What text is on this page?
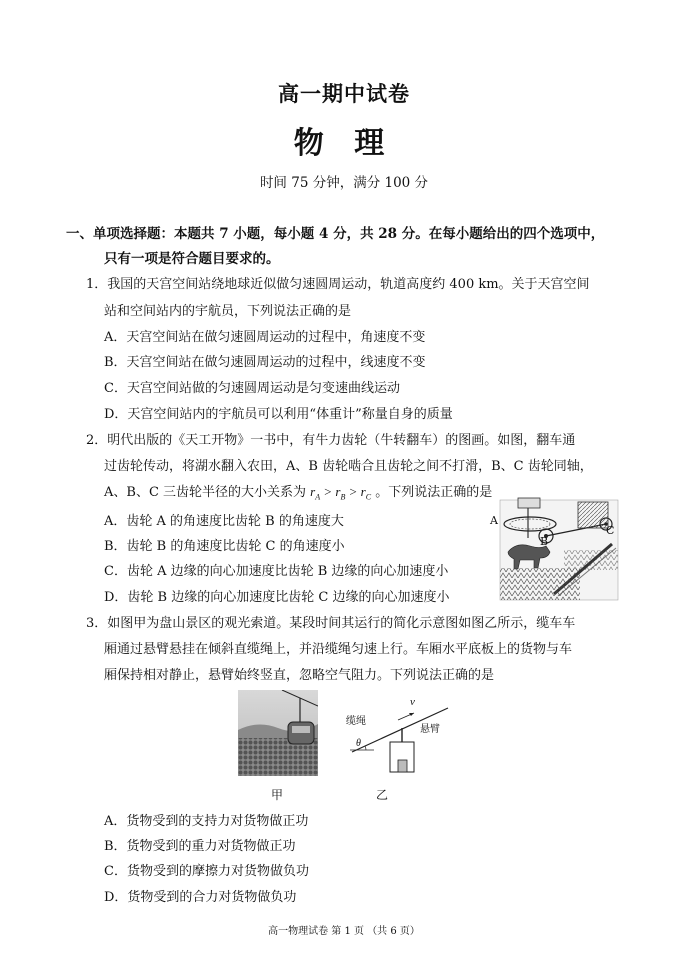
高一期中试卷
物 理
时间 75 分钟，满分 100 分
一、单项选择题：本题共 7 小题，每小题 4 分，共 28 分。在每小题给出的四个选项中，
只有一项是符合题目要求的。
1．我国的天宫空间站绕地球近似做匀速圆周运动，轨道高度约 400 km。关于天宫空间
站和空间站内的宇航员，下列说法正确的是
A．天宫空间站在做匀速圆周运动的过程中，角速度不变
B．天宫空间站在做匀速圆周运动的过程中，线速度不变
C．天宫空间站做的匀速圆周运动是匀变速曲线运动
D．天宫空间站内的宇航员可以利用“体重计”称量自身的质量
2．明代出版的《天工开物》一书中，有牛力齿轮（牛转翻车）的图画。如图，翻车通
过齿轮传动，将湖水翻入农田，A、B 齿轮啮合且齿轮之间不打滑，B、C 齿轮同轴，
A、B、C 三齿轮半径的大小关系为 $r_A > r_B > r_C$ 。下列说法正确的是
A．齿轮 A 的角速度比齿轮 B 的角速度大
B．齿轮 B 的角速度比齿轮 C 的角速度小
C．齿轮 A 边缘的向心加速度比齿轮 B 边缘的向心加速度小
D．齿轮 B 边缘的向心加速度比齿轮 C 边缘的向心加速度小
A
B
C
3．如图甲为盘山景区的观光索道。某段时间其运行的简化示意图如图乙所示，缆车车
厢通过悬臂悬挂在倾斜直缆绳上，并沿缆绳匀速上行。车厢水平底板上的货物与车
厢保持相对静止，悬臂始终竖直，忽略空气阻力。下列说法正确的是
甲
缆绳
悬臂
v
θ
乙
A．货物受到的支持力对货物做正功
B．货物受到的重力对货物做正功
C．货物受到的摩擦力对货物做负功
D．货物受到的合力对货物做负功
高一物理试卷 第 1 页 （共 6 页）
